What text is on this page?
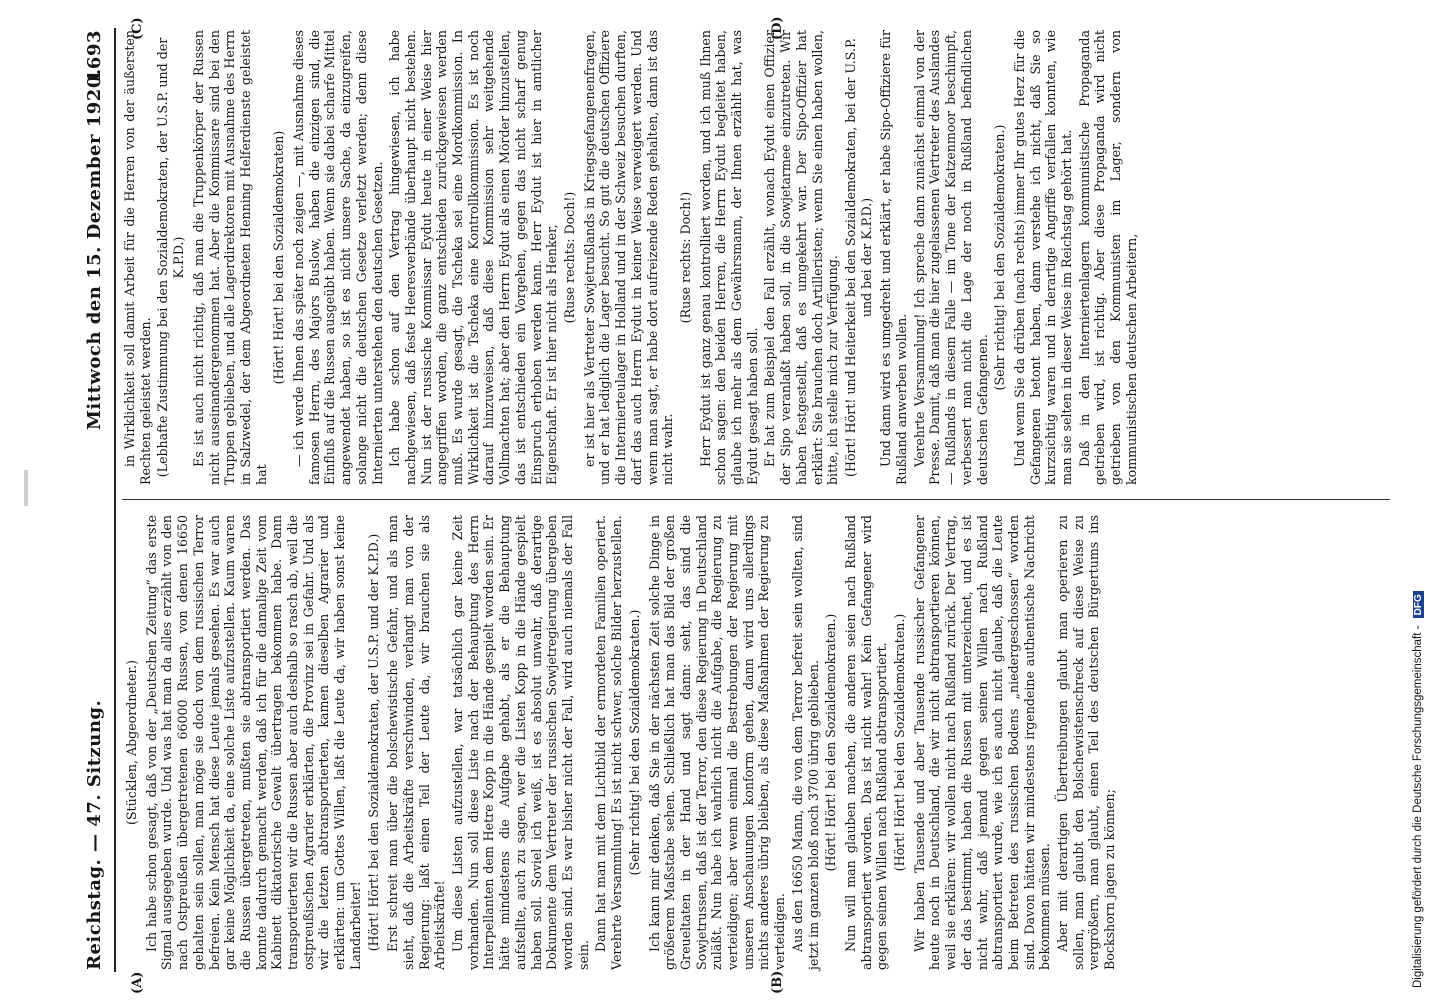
Reichstag. — 47. Sitzung.
Mittwoch den 15. Dezember 1920.
1693
(A)	(B)
(C)	(D)

(Stücklen, Abgeordneter.) Ich habe schon gesagt, daß von der „Deutschen Zeitung“ das erste Signal ausgegeben wurde. Und was hat man da alles erzählt von den nach Ostpreußen übergetretenen 66000 Russen, von denen 16650 gehalten sein sollen, man möge sie doch von dem russischen Terror befreien. Kein Mensch hat diese Leute jemals gesehen. Es war auch gar keine Möglichkeit da, eine solche Liste aufzustellen. Kaum waren die Russen übergetreten, mußten sie abtransportiert werden. Das konnte dadurch gemacht werden, daß ich für die damalige Zeit vom Kabinett diktatorische Gewalt übertragen bekommen habe. Dann transportierten wir die Russen aber auch deshalb so rasch ab, weil die ostpreußischen Agrarier erklärten, die Provinz sei in Gefahr. Und als wir die letzten abtransportierten, kamen dieselben Agrarier und erklärten: um Gottes Willen, laßt die Leute da, wir haben sonst keine Landarbeiter! (Hört! Hört! bei den Sozialdemokraten, der U.S.P. und der K.P.D.) Erst schreit man über die bolschewistische Gefahr, und als man sieht, daß die Arbeitskräfte verschwinden, verlangt man von der Regierung: laßt einen Teil der Leute da, wir brauchen sie als Arbeitskräfte! Um diese Listen aufzustellen, war tatsächlich gar keine Zeit vorhanden. Nun soll diese Liste nach der Behauptung des Herrn Interpellanten dem Hetre Kopp in die Hände gespielt worden sein. Er hätte mindestens die Aufgabe gehabt, als er die Behauptung aufstellte, auch zu sagen, wer die Listen Kopp in die Hände gespielt haben soll. Soviel ich weiß, ist es absolut unwahr, daß derartige Dokumente dem Vertreter der russischen Sowjetregierung übergeben worden sind. Es war bisher nicht der Fall, wird auch niemals der Fall sein.

Dann hat man mit dem Lichtbild der ermordeten Familien operiert. Verehrte Versammlung! Es ist nicht schwer, solche Bilder herzustellen. (Sehr richtig! bei den Sozialdemokraten.) Ich kann mir denken, daß Sie in der nächsten Zeit solche Dinge in größerem Maßstabe sehen. Schließlich hat man das Bild der großen Greueltaten in der Hand und sagt dann: seht, das sind die Sowjetrussen, daß ist der Terror, den diese Regierung in Deutschland zuläßt. Nun habe ich wahrlich nicht die Aufgabe, die Regierung zu verteidigen; aber wenn einmal die Bestrebungen der Regierung mit unseren Anschauungen konform gehen, dann wird uns allerdings nichts anderes übrig bleiben, als diese Maßnahmen der Regierung zu verteidigen. Aus den 16650 Mann, die von dem Terror befreit sein wollten, sind jetzt im ganzen bloß noch 3700 übrig geblieben. (Hört! Hört! bei den Sozialdemokraten.) Nun will man glauben machen, die anderen seien nach Rußland abtransportiert worden. Das ist nicht wahr! Kein Gefangener wird gegen seinen Willen nach Rußland abtransportiert. (Hört! Hört! bei den Sozialdemokraten.) Wir haben Tausende und aber Tausende russischer Gefangener heute noch in Deutschland, die wir nicht abtransportieren können, weil sie erklären: wir wollen nicht nach Rußland zurück. Der Vertrag, der das bestimmt, haben die Russen mit unterzeichnet, und es ist nicht wahr, daß jemand gegen seinen Willen nach Rußland abtransportiert wurde, wie ich es auch nicht glaube, daß die Leute beim Betreten des russischen Bodens „niedergeschossen“ worden sind. Davon hätten wir mindestens irgendeine authentische Nachricht bekommen müssen. Aber mit derartigen Übertreibungen glaubt man operieren zu sollen, man glaubt den Bolschewistenschreck auf diese Weise zu vergrößern, man glaubt, einen Teil des deutschen Bürgertums ins Bockshorn jagen zu können;

in Wirklichkeit soll damit Arbeit für die Herren von der äußersten Rechten geleistet werden. (Lebhafte Zustimmung bei den Sozialdemokraten, der U.S.P. und der K.P.D.) Es ist auch nicht richtig, daß man die Truppenkörper der Russen nicht auseinandergenommen hat. Aber die Kommissare sind bei den Truppen geblieben, und alle Lagerdirektoren mit Ausnahme des Herrn in Salzwedel, der dem Abgeordneten Henning Helferdienste geleistet hat

(Hört! Hört! bei den Sozialdemokraten) — ich werde Ihnen das später noch zeigen —, mit Ausnahme dieses famosen Herrn, des Majors Buslow, haben die einzigen sind, die Einfluß auf die Russen ausgeübt haben. Wenn sie dabei scharfe Mittel angewendet haben, so ist es nicht unsere Sache, da einzugreifen, solange nicht die deutschen Gesetze verletzt werden; denn diese Internierten unterstehen den deutschen Gesetzen. Ich habe schon auf den Vertrag hingewiesen, ich habe nachgewiesen, daß feste Heeresverbände überhaupt nicht bestehen. Nun ist der russische Kommissar Eydut heute in einer Weise hier angegriffen worden, die ganz entschieden zurückgewiesen werden muß. Es wurde gesagt, die Tscheka sei eine Mordkommission. In Wirklichkeit ist die Tscheka eine Kontrollkommission. Es ist noch darauf hinzuweisen, daß diese Kommission sehr weitgehende Vollmachten hat; aber den Herrn Eydut als einen Mörder hinzustellen, das ist entschieden ein Vorgehen, gegen das nicht scharf genug Einspruch erhoben werden kann. Herr Eydut ist hier in amtlicher Eigenschaft. Er ist hier nicht als Henker, (Ruse rechts: Doch!) er ist hier als Vertreter Sowjetrußlands in Kriegsgefangenenfragen, und er hat lediglich die Lager besucht. So gut die deutschen Offiziere die Internierteulager in Holland und in der Schweiz besuchen durften, darf das auch Herrn Eydut in keiner Weise verweigert werden. Und wenn man sagt, er habe dort aufreizende Reden gehalten, dann ist das nicht wahr.

(Ruse rechts: Doch!) Herr Eydut ist ganz genau kontrolliert worden, und ich muß Ihnen schon sagen: den beiden Herren, die Herrn Eydut begleitet haben, glaube ich mehr als dem Gewährsmann, der Ihnen erzählt hat, was Eydut gesagt haben soll. Er hat zum Beispiel den Fall erzählt, wonach Eydut einen Offizier der Sipo veranlaßt haben soll, in die Sowjetarmee einzutreten. Wir haben festgestellt, daß es umgekehrt war. Der Sipo-Offizier hat erklärt: Sie brauchen doch Artilleristen; wenn Sie einen haben wollen, bitte, ich stelle mich zur Verfügung. (Hört! Hört! und Heiterkeit bei den Sozialdemokraten, bei der U.S.P. und bei der K.P.D.) Und dann wird es umgedreht und erklärt, er habe Sipo-Offiziere für Rußland anwerben wollen. Verehrte Versammlung! Ich spreche dann zunächst einmal von der Presse. Damit, daß man die hier zugelassenen Vertreter des Auslandes — Rußlands in diesem Falle — im Tone der Katzenmoor beschimpft, verbessert man nicht die Lage der noch in Rußland befindlichen deutschen Gefangenen.

(Sehr richtig! bei den Sozialdemokraten.) Und wenn Sie da drüben (nach rechts) immer Ihr gutes Herz für die Gefangenen betont haben, dann verstehe ich nicht, daß Sie so kurzsichtig waren und in derartige Angriffe verfallen konnten, wie man sie selten in dieser Weise im Reichstag gehört hat. Daß in den Interniertenlagern kommunistische Propaganda getrieben wird, ist richtig. Aber diese Propaganda wird nicht getrieben von den Kommunisten im Lager, sondern von kommunistischen deutschen Arbeitern,

Digitalisierung gefördert durch die Deutsche Forschungsgemeinschaft - DFG
